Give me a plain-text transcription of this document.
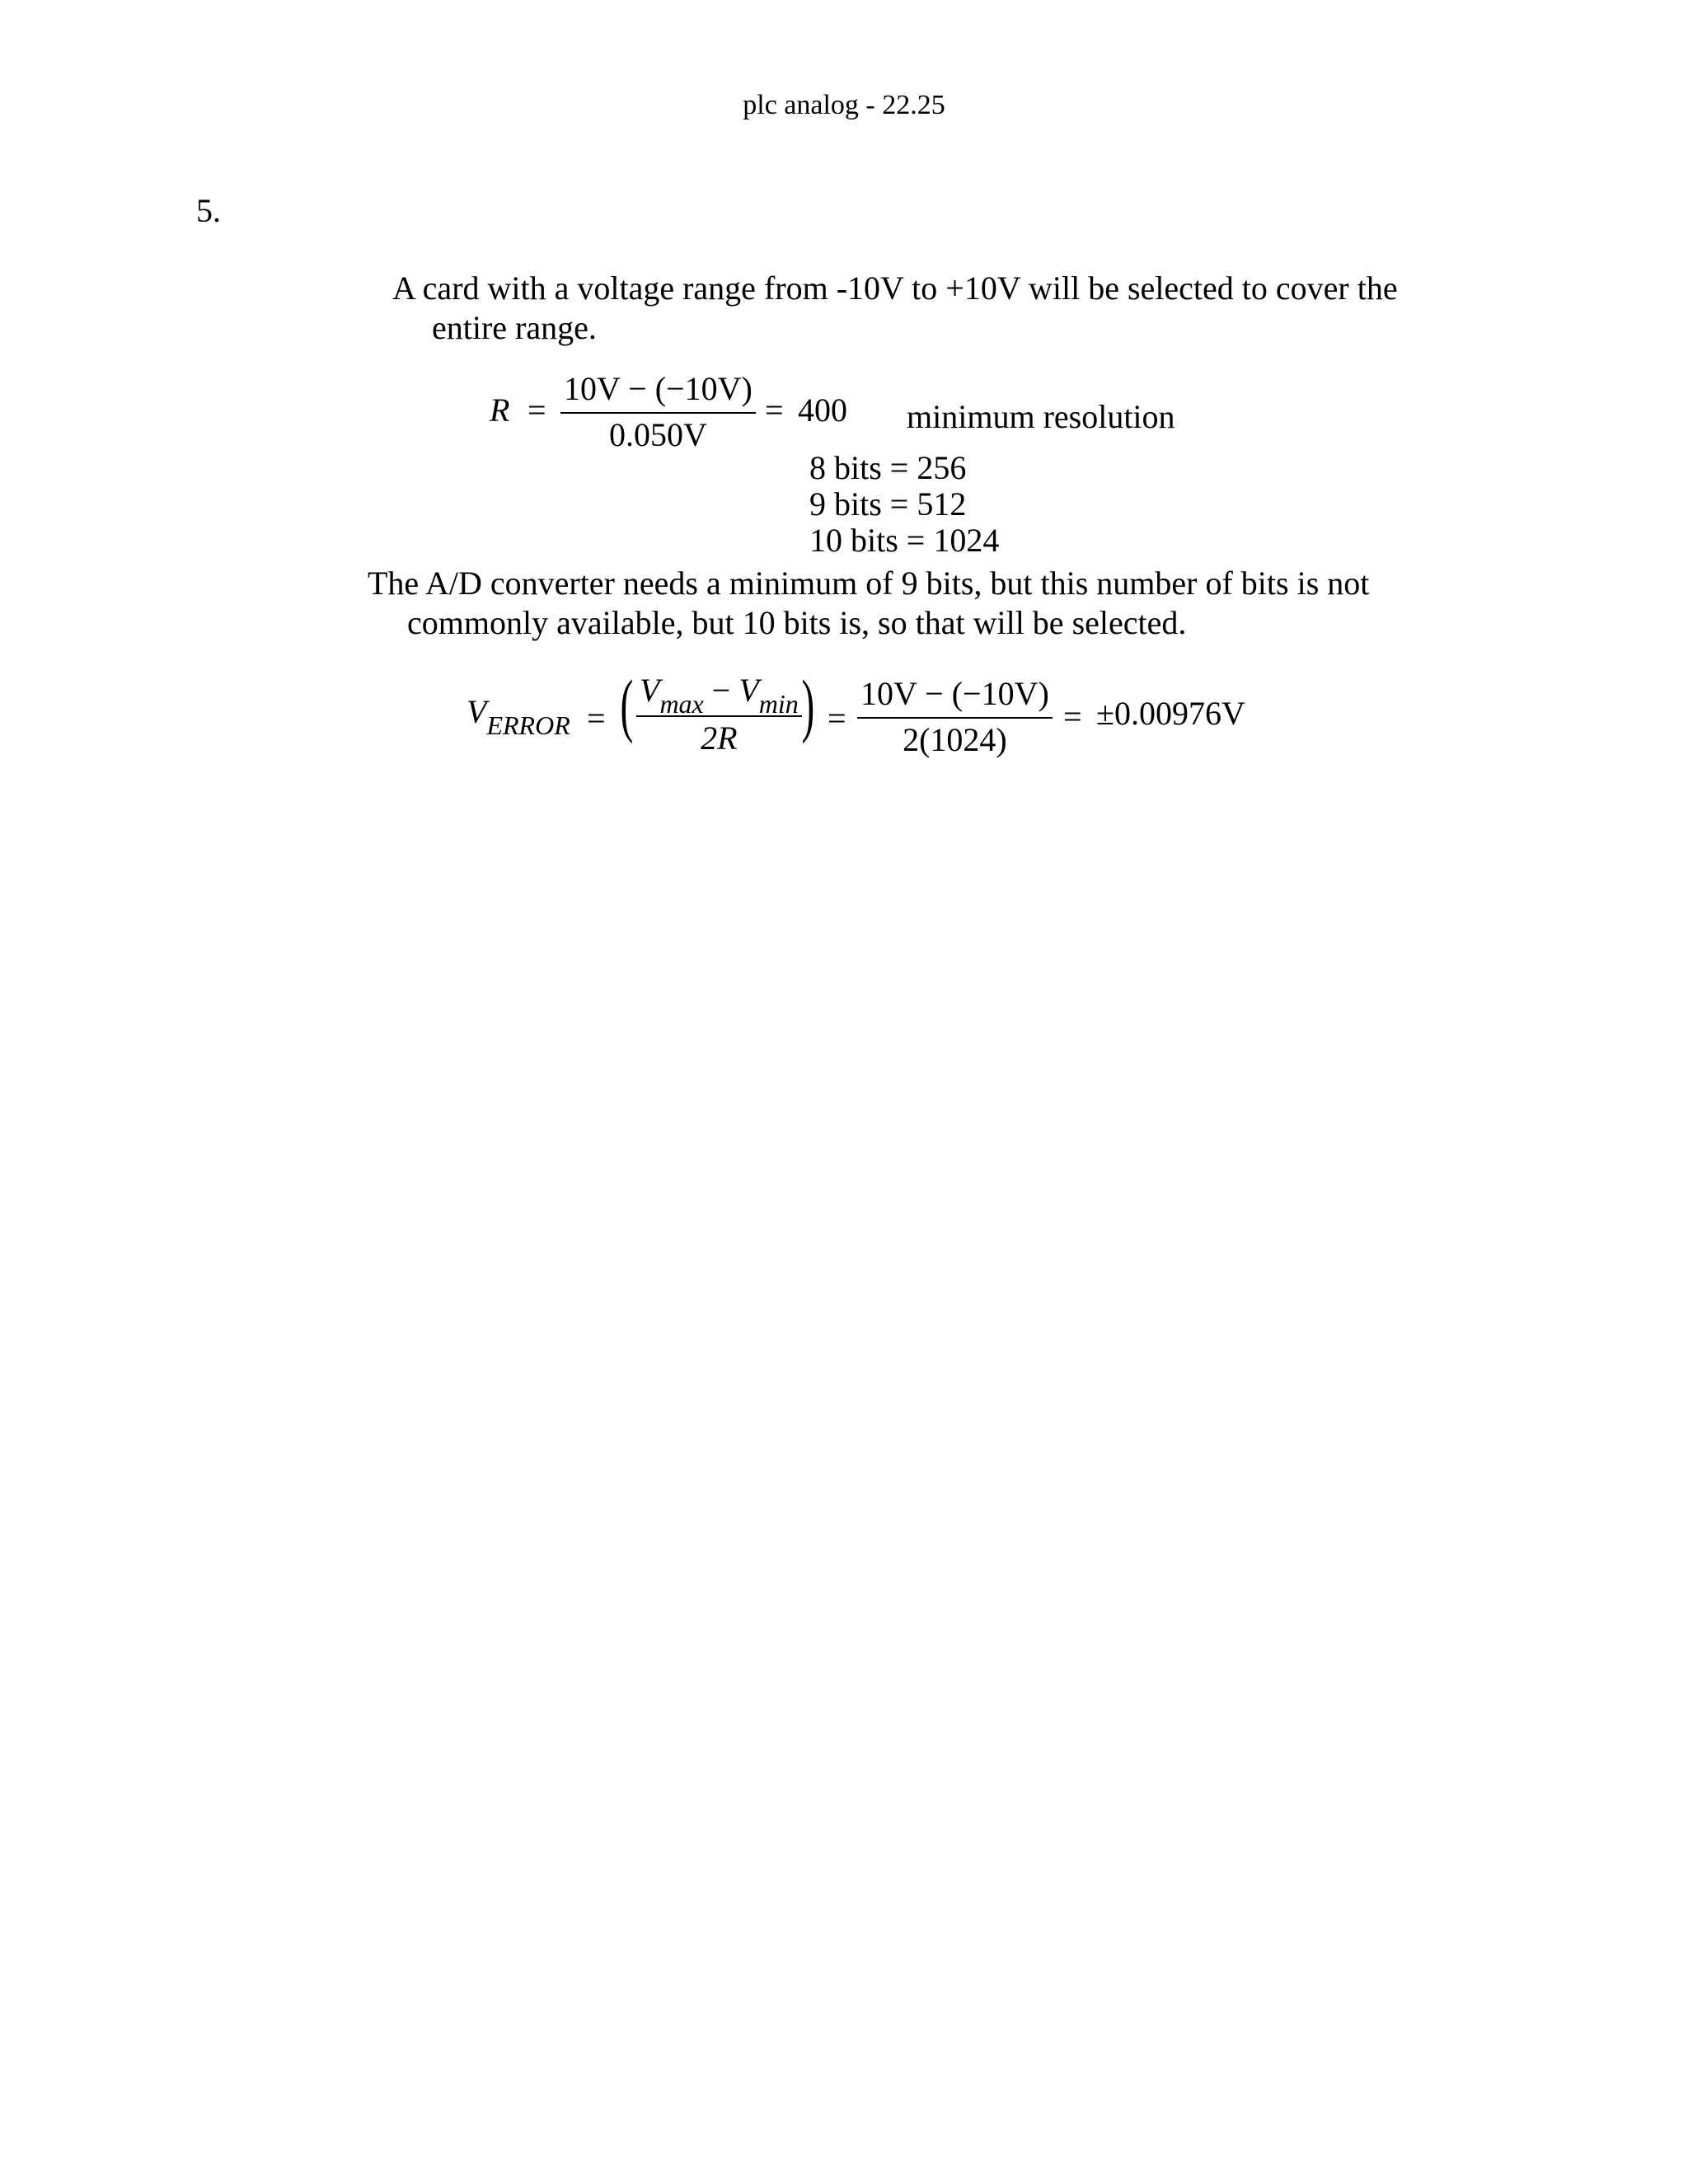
plc analog - 22.25
5.
A card with a voltage range from -10V to +10V will be selected to cover the
entire range.
R =
10V − (−10V)
0.050V
= 400 minimum resolution
8 bits = 256
9 bits = 512
10 bits = 1024
The A/D converter needs a minimum of 9 bits, but this number of bits is not
commonly available, but 10 bits is, so that will be selected.
$V_{ERROR}$ = ( $V_{max} - V_{min}$
2R ) =
10V − (−10V)
2(1024)
= ±0.00976V
